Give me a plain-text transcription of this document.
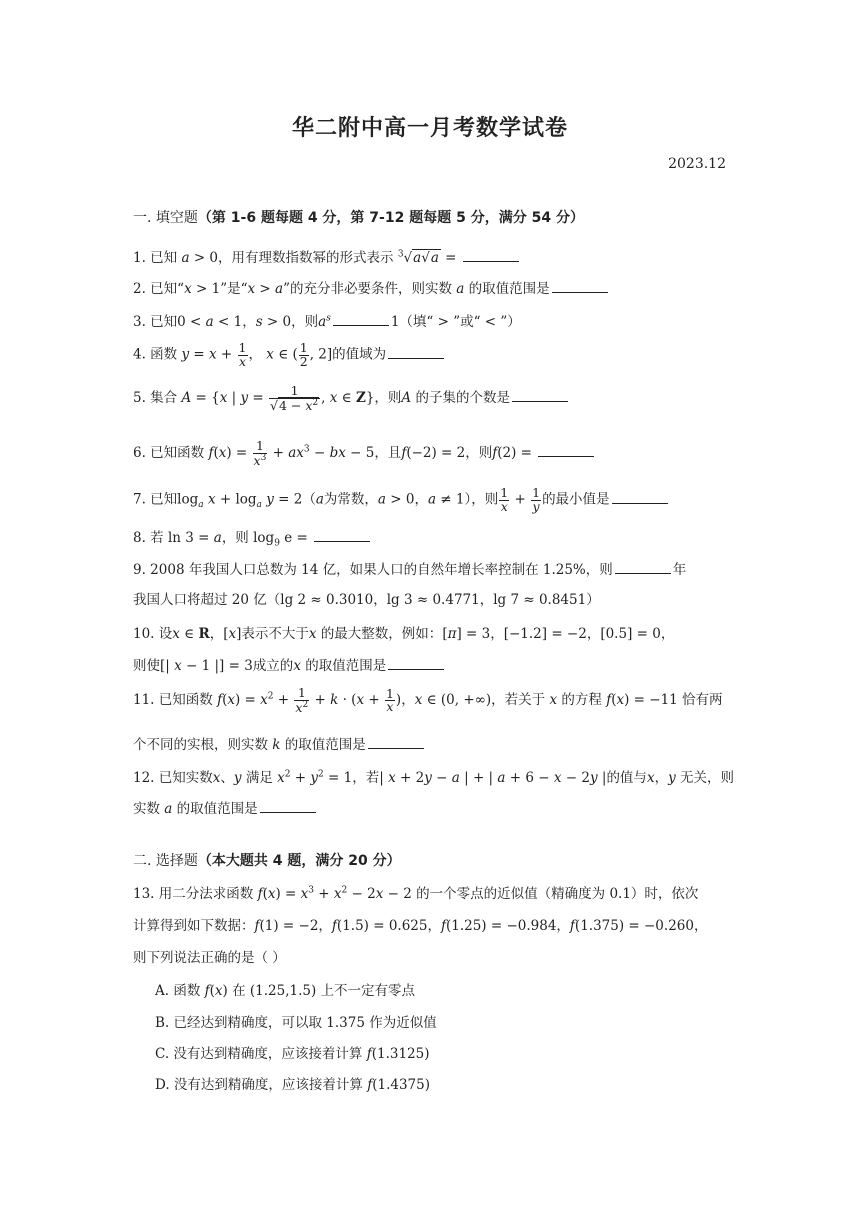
华二附中高一月考数学试卷
2023.12
一. 填空题（第 1-6 题每题 4 分，第 7-12 题每题 5 分，满分 54 分）
1. 已知 a > 0，用有理数指数幂的形式表示 $^3$√a√a =
2. 已知“x > 1”是“x > a”的充分非必要条件，则实数 a 的取值范围是
3. 已知0 < a < 1，s > 0，则$a^s$	1（填“ > ”或“ < ”）
4. 函数 $y = x + \frac{1}{x}$ ， x ∈ ( $\frac{1}{2}$ , 2]的值域为
5. 集合 A = {x | $y = \frac{1}{√4 - x^2}$ , x ∈ Z}，则A 的子集的个数是
6. 已知函数 $f(x) = \frac{1}{x^3} + ax^3$ − bx − 5，且f(−2) = 2，则f(2) =
7. 已知$\log_a x + \log_a y = 2(a$为常数，a > 0，a ≠ 1），则 $\frac{1}{x} + \frac{1}{y}$ 的最小值是
8. 若 ln 3 = a，则 $\log_9 e$ =
9. 2008 年我国人口总数为 14 亿，如果人口的自然年增长率控制在 1.25%，则	年
我国人口将超过 20 亿（lg 2 ≈ 0.3010，lg 3 ≈ 0.4771，lg 7 ≈ 0.8451）
10. 设x ∈ R，[x]表示不大于x 的最大整数，例如：[π] = 3，[−1.2] = −2，[0.5] = 0，
则使[| x − 1 |] = 3成立的x 的取值范围是
11. 已知函数 $f(x) = x^2 + \frac{1}{x^2} + k \cdot (x + \frac{1}{x}$ )，x ∈ (0, +∞)，若关于 x 的方程 f(x) = −11 恰有两
个不同的实根，则实数 k 的取值范围是
12. 已知实数x、y 满足 $x^2 + y^2 = 1$，若| x + 2y − a | + | a + 6 − x − 2y |的值与x，y 无关，则
实数 a 的取值范围是
二. 选择题（本大题共 4 题，满分 20 分）
13. 用二分法求函数 $f(x) = x^3 + x^2 - 2x - 2$ 的一个零点的近似值（精确度为 0.1）时，依次
计算得到如下数据：f(1) = −2，f(1.5) = 0.625，f(1.25) = −0.984，f(1.375) = −0.260，
则下列说法正确的是（ ）
A. 函数 f(x) 在 (1.25,1.5) 上不一定有零点
B. 已经达到精确度，可以取 1.375 作为近似值
C. 没有达到精确度，应该接着计算 f(1.3125)
D. 没有达到精确度，应该接着计算 f(1.4375)
